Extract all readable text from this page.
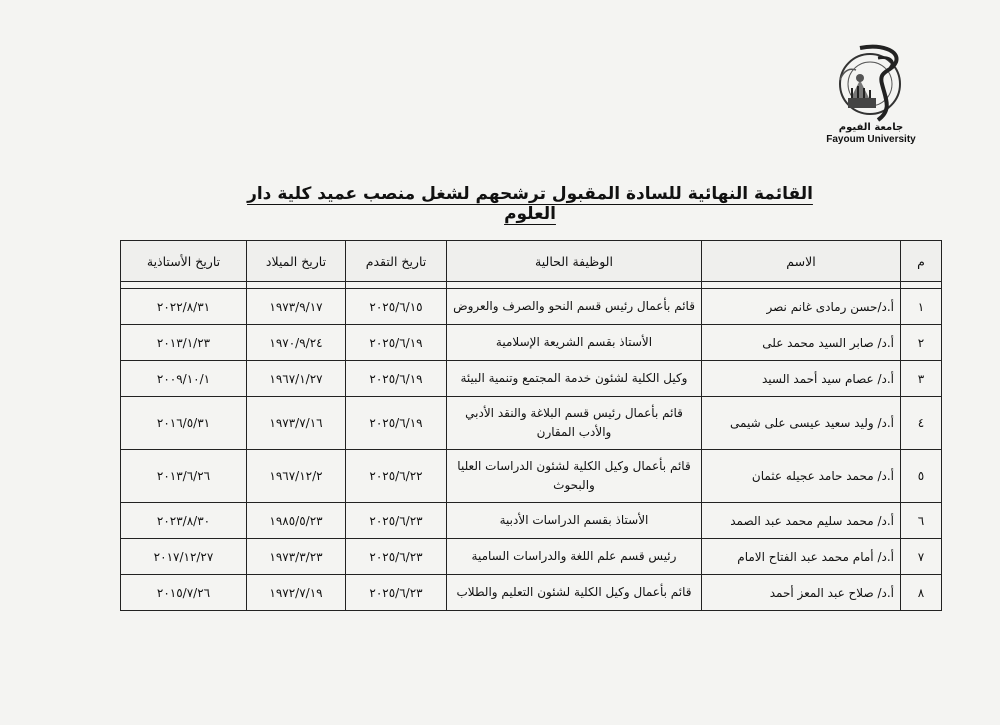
جامعة الفيوم
Fayoum University
القائمة النهائية للسادة المقبول ترشحهم لشغل منصب عميد كلية دار العلوم
م	الاسم	الوظيفة الحالية	تاريخ التقدم	تاريخ الميلاد	تاريخ الأستاذية

١	أ.د/حسن رمادى غانم نصر	قائم بأعمال رئيس قسم النحو والصرف والعروض	٢٠٢٥/٦/١٥	١٩٧٣/٩/١٧	٢٠٢٢/٨/٣١
٢	أ.د/ صابر السيد محمد على	الأستاذ بقسم الشريعة الإسلامية	٢٠٢٥/٦/١٩	١٩٧٠/٩/٢٤	٢٠١٣/١/٢٣
٣	أ.د/ عصام سيد أحمد السيد	وكيل الكلية لشئون خدمة المجتمع وتنمية البيئة	٢٠٢٥/٦/١٩	١٩٦٧/١/٢٧	٢٠٠٩/١٠/١
٤	أ.د/ وليد سعيد عيسى على شيمى	قائم بأعمال رئيس قسم البلاغة والنقد الأدبي والأدب المقارن	٢٠٢٥/٦/١٩	١٩٧٣/٧/١٦	٢٠١٦/٥/٣١
٥	أ.د/ محمد حامد عجيله عثمان	قائم بأعمال وكيل الكلية لشئون الدراسات العليا والبحوث	٢٠٢٥/٦/٢٢	١٩٦٧/١٢/٢	٢٠١٣/٦/٢٦
٦	أ.د/ محمد سليم محمد عبد الصمد	الأستاذ بقسم الدراسات الأدبية	٢٠٢٥/٦/٢٣	١٩٨٥/٥/٢٣	٢٠٢٣/٨/٣٠
٧	أ.د/ أمام محمد عبد الفتاح الامام	رئيس قسم علم اللغة والدراسات السامية	٢٠٢٥/٦/٢٣	١٩٧٣/٣/٢٣	٢٠١٧/١٢/٢٧
٨	أ.د/ صلاح عبد المعز أحمد	قائم بأعمال وكيل الكلية لشئون التعليم والطلاب	٢٠٢٥/٦/٢٣	١٩٧٢/٧/١٩	٢٠١٥/٧/٢٦
